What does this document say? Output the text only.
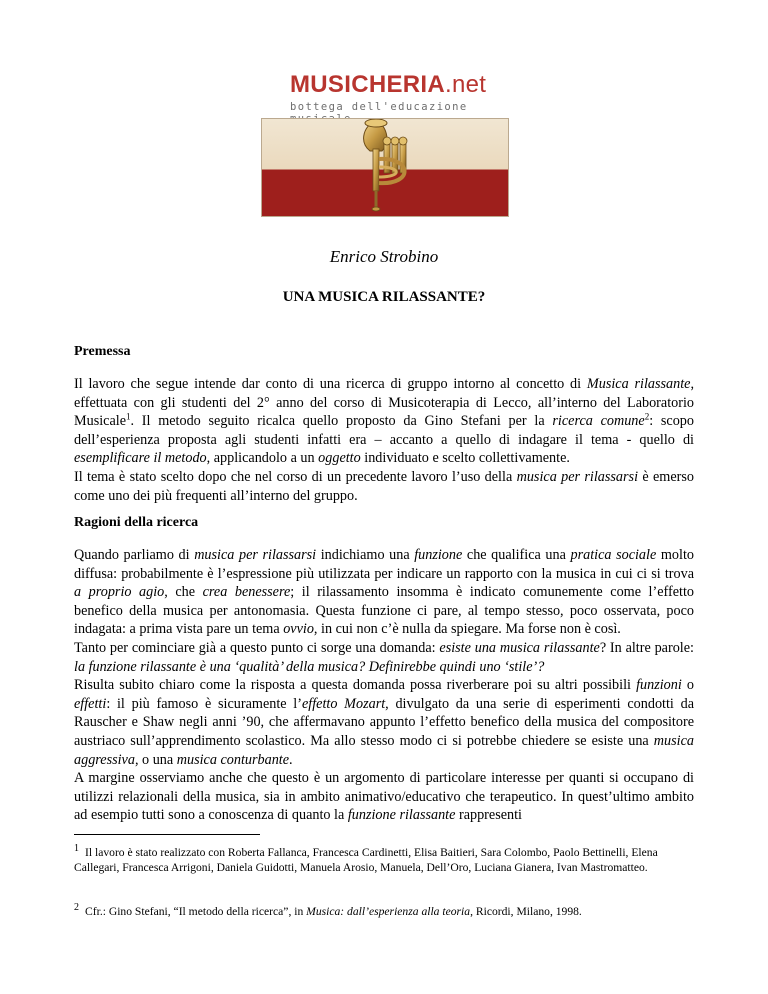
MUSICHERIA.net
bottega dell'educazione
Enrico Strobino
UNA MUSICA RILASSANTE?
Premessa

Il lavoro che segue intende dar conto di una ricerca di gruppo intorno al concetto di Musica rilassante, effettuata con gli studenti del 2° anno del corso di Musicoterapia di Lecco, all’interno del Laboratorio Musicale$^1$. Il metodo seguito ricalca quello proposto da Gino Stefani per la ricerca comune$^2$: scopo dell’esperienza proposta agli studenti infatti era – accanto a quello di indagare il tema - quello di esemplificare il metodo, applicandolo a un oggetto individuato e scelto collettivamente.

Il tema è stato scelto dopo che nel corso di un precedente lavoro l’uso della musica per rilassarsi è emerso come uno dei più frequenti all’interno del gruppo.

Ragioni della ricerca

Quando parliamo di musica per rilassarsi indichiamo una funzione che qualifica una pratica sociale molto diffusa: probabilmente è l’espressione più utilizzata per indicare un rapporto con la musica in cui ci si trova a proprio agio, che crea benessere; il rilassamento insomma è indicato comunemente come l’effetto benefico della musica per antonomasia. Questa funzione ci pare, al tempo stesso, poco osservata, poco indagata: a prima vista pare un tema ovvio, in cui non c’è nulla da spiegare. Ma forse non è così.

Tanto per cominciare già a questo punto ci sorge una domanda: esiste una musica rilassante? In altre parole: la funzione rilassante è una ‘qualità’ della musica? Definirebbe quindi uno ‘stile’?

Risulta subito chiaro come la risposta a questa domanda possa riverberare poi su altri possibili funzioni o effetti: il più famoso è sicuramente l’effetto Mozart, divulgato da una serie di esperimenti condotti da Rauscher e Shaw negli anni ’90, che affermavano appunto l’effetto benefico della musica del compositore austriaco sull’apprendimento scolastico. Ma allo stesso modo ci si potrebbe chiedere se esiste una musica aggressiva, o una musica conturbante.

A margine osserviamo anche che questo è un argomento di particolare interesse per quanti si occupano di utilizzi relazionali della musica, sia in ambito animativo/educativo che terapeutico. In quest’ultimo ambito ad esempio tutti sono a conoscenza di quanto la funzione rilassante rappresenti

1 Il lavoro è stato realizzato con Roberta Fallanca, Francesca Cardinetti, Elisa Baitieri, Sara Colombo, Paolo Bettinelli, Elena Callegari, Francesca Arrigoni, Daniela Guidotti, Manuela Arosio, Manuela, Dell’Oro, Luciana Gianera, Ivan Mastromatteo.
2 Cfr.: Gino Stefani, “Il metodo della ricerca”, in Musica: dall’esperienza alla teoria, Ricordi, Milano, 1998.
